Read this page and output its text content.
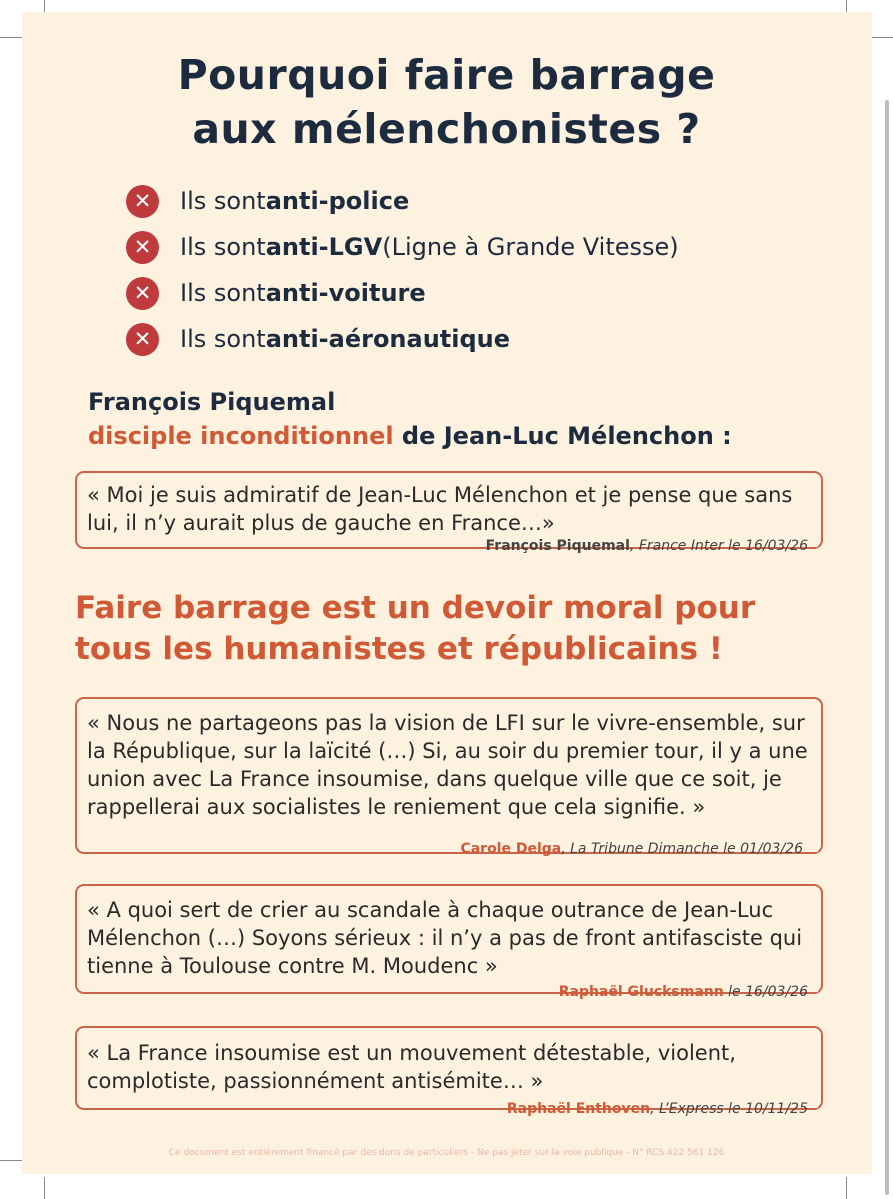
Pourquoi faire barrage aux mélenchonistes ?
✕	Ils sont anti-police
✕	Ils sont anti-LGV (Ligne à Grande Vitesse)
✕	Ils sont anti-voiture
✕	Ils sont anti-aéronautique
François Piquemal
disciple inconditionnel de Jean-Luc Mélenchon :
« Moi je suis admiratif de Jean-Luc Mélenchon et je pense que sans lui, il n’y aurait plus de gauche en France…»
François Piquemal, France Inter le 16/03/26
Faire barrage est un devoir moral pour tous les humanistes et républicains !
« Nous ne partageons pas la vision de LFI sur le vivre-ensemble, sur la République, sur la laïcité (…) Si, au soir du premier tour, il y a une union avec La France insoumise, dans quelque ville que ce soit, je rappellerai aux socialistes le reniement que cela signifie. »
Carole Delga, La Tribune Dimanche le 01/03/26
« A quoi sert de crier au scandale à chaque outrance de Jean-Luc Mélenchon (…) Soyons sérieux : il n’y a pas de front antifasciste qui tienne à Toulouse contre M. Moudenc »
Raphaël Glucksmann le 16/03/26
« La France insoumise est un mouvement détestable, violent, complotiste, passionnément antisémite… »
Raphaël Enthoven, L’Express le 10/11/25
Ce document est entièrement financé par des dons de particuliers - Ne pas jeter sur la voie publique - N° RCS 422 561 126
